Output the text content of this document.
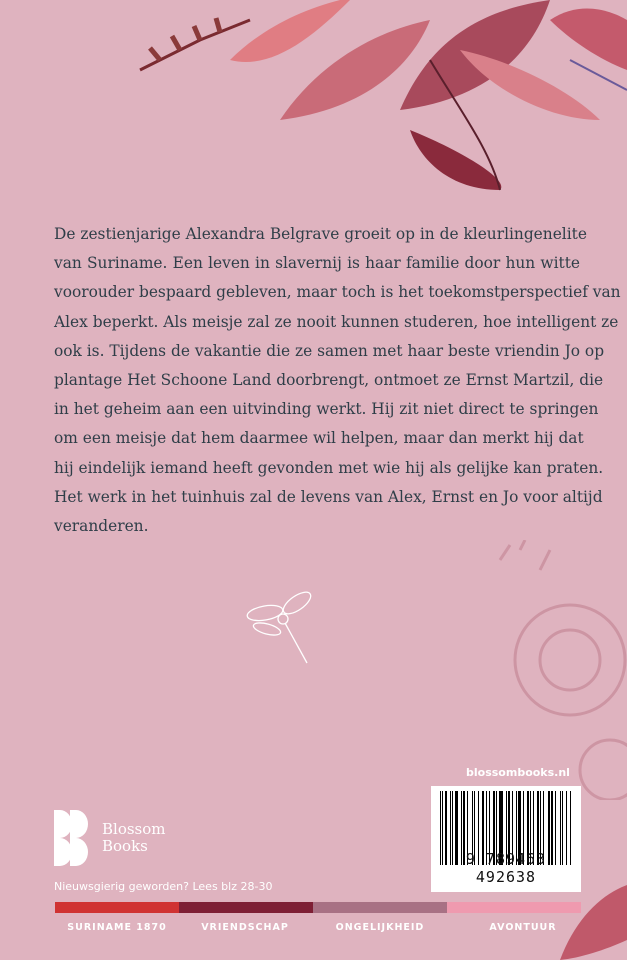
De zestienjarige Alexandra Belgrave groeit op in de kleurlingenelite
van Suriname. Een leven in slavernij is haar familie door hun witte
voorouder bespaard gebleven, maar toch is het toekomstperspectief van
Alex beperkt. Als meisje zal ze nooit kunnen studeren, hoe intelligent ze
ook is. Tijdens de vakantie die ze samen met haar beste vriendin Jo op
plantage Het Schoone Land doorbrengt, ontmoet ze Ernst Martzil, die
in het geheim aan een uitvinding werkt. Hij zit niet direct te springen
om een meisje dat hem daarmee wil helpen, maar dan merkt hij dat
hij eindelijk iemand heeft gevonden met wie hij als gelijke kan praten.
Het werk in het tuinhuis zal de levens van Alex, Ernst en Jo voor altijd
veranderen.
blossombooks.nl
9 789463 492638
Blossom
Books
Nieuwsgierig geworden? Lees blz 28-30
SURINAME 1870	VRIENDSCHAP	ONGELIJKHEID	AVONTUUR
